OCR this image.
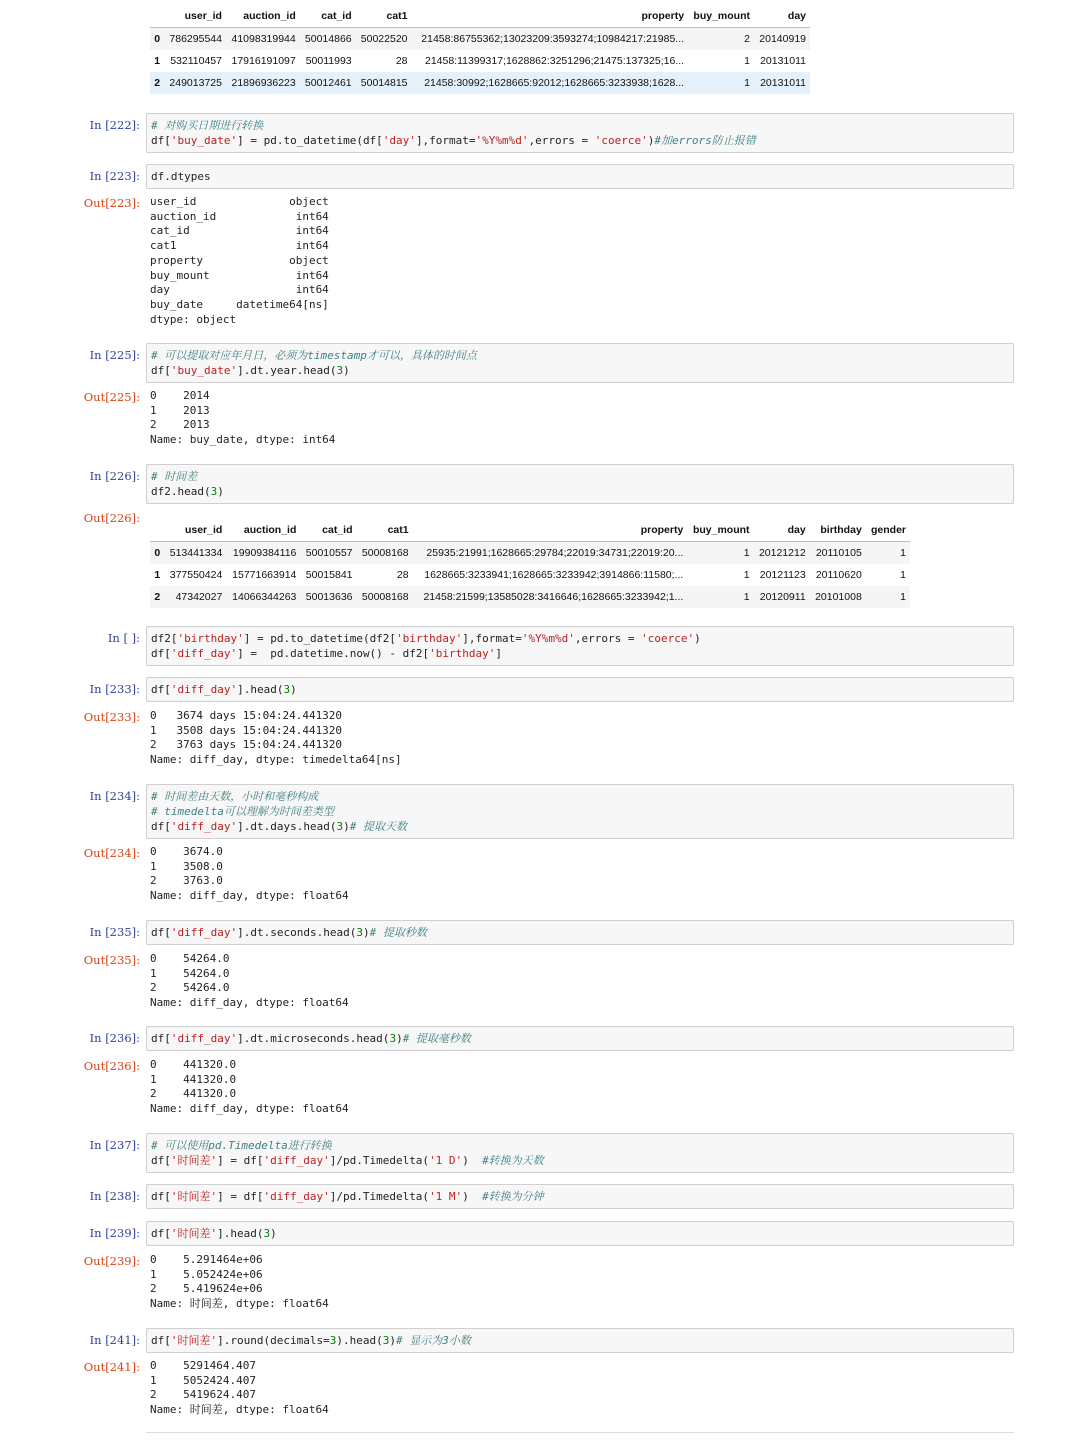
	user_id	auction_id	cat_id	cat1	property	buy_mount	day
0	786295544	41098319944	50014866	50022520	21458:86755362;13023209:3593274;10984217:21985...	2	20140919
1	532110457	17916191097	50011993	28	21458:11399317;1628862:3251296;21475:137325;16...	1	20131011
2	249013725	21896936223	50012461	50014815	21458:30992;1628665:92012;1628665:3233938;1628...	1	20131011
In [222]: # 对购买日期进行转换
df['buy_date'] = pd.to_datetime(df['day'],format='%Y%m%d',errors = 'coerce')#加errors防止报错
In [223]: df.dtypes
In [225]: # 可以提取对应年月日，必须为timestamp才可以，具体的时间点
df['buy_date'].dt.year.head(3)
In [226]: # 时间差
df2.head(3)
In [ ]: df2['birthday'] = pd.to_datetime(df2['birthday'],format='%Y%m%d',errors = 'coerce')
df['diff_day'] =  pd.datetime.now() - df2['birthday']
In [233]: df['diff_day'].head(3)
In [234]: # 时间差由天数，小时和毫秒构成
# timedelta可以理解为时间差类型
df['diff_day'].dt.days.head(3)# 提取天数
In [235]: df['diff_day'].dt.seconds.head(3)# 提取秒数
In [236]: df['diff_day'].dt.microseconds.head(3)# 提取毫秒数
In [237]: # 可以使用pd.Timedelta进行转换
df['时间差'] = df['diff_day']/pd.Timedelta('1 D')  #转换为天数
In [238]: df['时间差'] = df['diff_day']/pd.Timedelta('1 M')  #转换为分钟
In [239]: df['时间差'].head(3)
In [241]: df['时间差'].round(decimals=3).head(3)# 显示为3小数
Out[223]: user_id              object
auction_id            int64
cat_id                int64
cat1                  int64
property             object
buy_mount             int64
day                   int64
buy_date     datetime64[ns]
dtype: object
Out[225]: 0    2014
1    2013
2    2013
Name: buy_date, dtype: int64
Out[226]:
Out[233]: 0   3674 days 15:04:24.441320
1   3508 days 15:04:24.441320
2   3763 days 15:04:24.441320
Name: diff_day, dtype: timedelta64[ns]
Out[234]: 0    3674.0
1    3508.0
2    3763.0
Name: diff_day, dtype: float64
Out[235]: 0    54264.0
1    54264.0
2    54264.0
Name: diff_day, dtype: float64
Out[236]: 0    441320.0
1    441320.0
2    441320.0
Name: diff_day, dtype: float64
Out[239]: 0    5.291464e+06
1    5.052424e+06
2    5.419624e+06
Name: 时间差, dtype: float64
Out[241]: 0    5291464.407
1    5052424.407
2    5419624.407
Name: 时间差, dtype: float64
	user_id	auction_id	cat_id	cat1	property	buy_mount	day	birthday	gender
0	513441334	19909384116	50010557	50008168	25935:21991;1628665:29784;22019:34731;22019:20...	1	20121212	20110105	1
1	377550424	15771663914	50015841	28	1628665:3233941;1628665:3233942;3914866:11580;...	1	20121123	20110620	1
2	47342027	14066344263	50013636	50008168	21458:21599;13585028:3416646;1628665:3233942;1...	1	20120911	20101008	1
